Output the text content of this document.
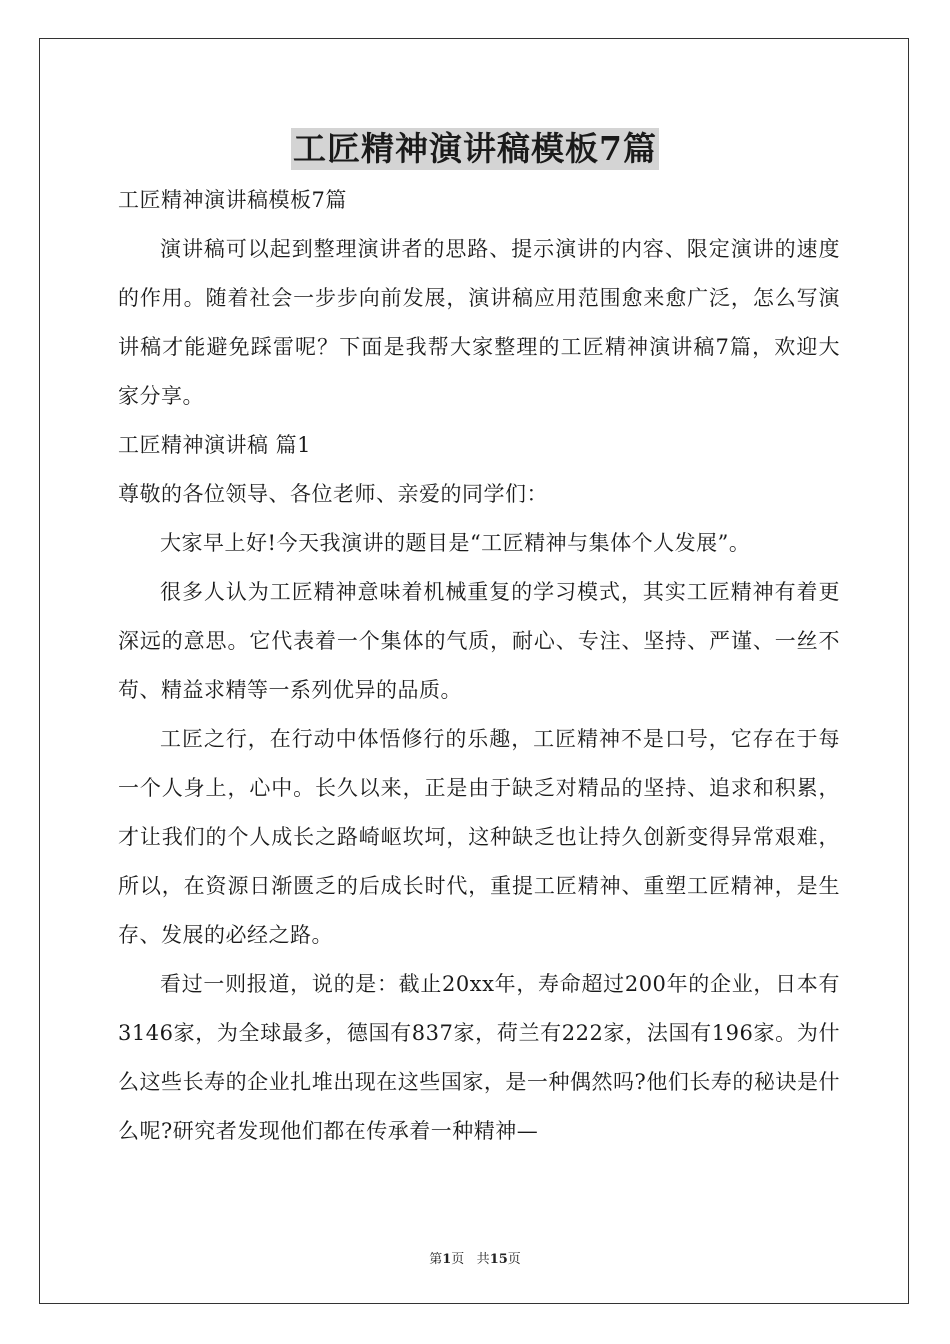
工匠精神演讲稿模板7篇

工匠精神演讲稿模板7篇

演讲稿可以起到整理演讲者的思路、提示演讲的内容、限定演讲的速度的作用。随着社会一步步向前发展，演讲稿应用范围愈来愈广泛，怎么写演讲稿才能避免踩雷呢？下面是我帮大家整理的工匠精神演讲稿7篇，欢迎大家分享。

工匠精神演讲稿 篇1

尊敬的各位领导、各位老师、亲爱的同学们：

大家早上好!今天我演讲的题目是“工匠精神与集体个人发展”。

很多人认为工匠精神意味着机械重复的学习模式，其实工匠精神有着更深远的意思。它代表着一个集体的气质，耐心、专注、坚持、严谨、一丝不苟、精益求精等一系列优异的品质。

工匠之行，在行动中体悟修行的乐趣，工匠精神不是口号，它存在于每一个人身上，心中。长久以来，正是由于缺乏对精品的坚持、追求和积累，才让我们的个人成长之路崎岖坎坷，这种缺乏也让持久创新变得异常艰难，所以，在资源日渐匮乏的后成长时代，重提工匠精神、重塑工匠精神，是生存、发展的必经之路。

看过一则报道，说的是：截止20xx年，寿命超过200年的企业，日本有3146家，为全球最多，德国有837家，荷兰有222家，法国有196家。为什么这些长寿的企业扎堆出现在这些国家，是一种偶然吗?他们长寿的秘诀是什么呢?研究者发现他们都在传承着一种精神—

第1页 共15页
